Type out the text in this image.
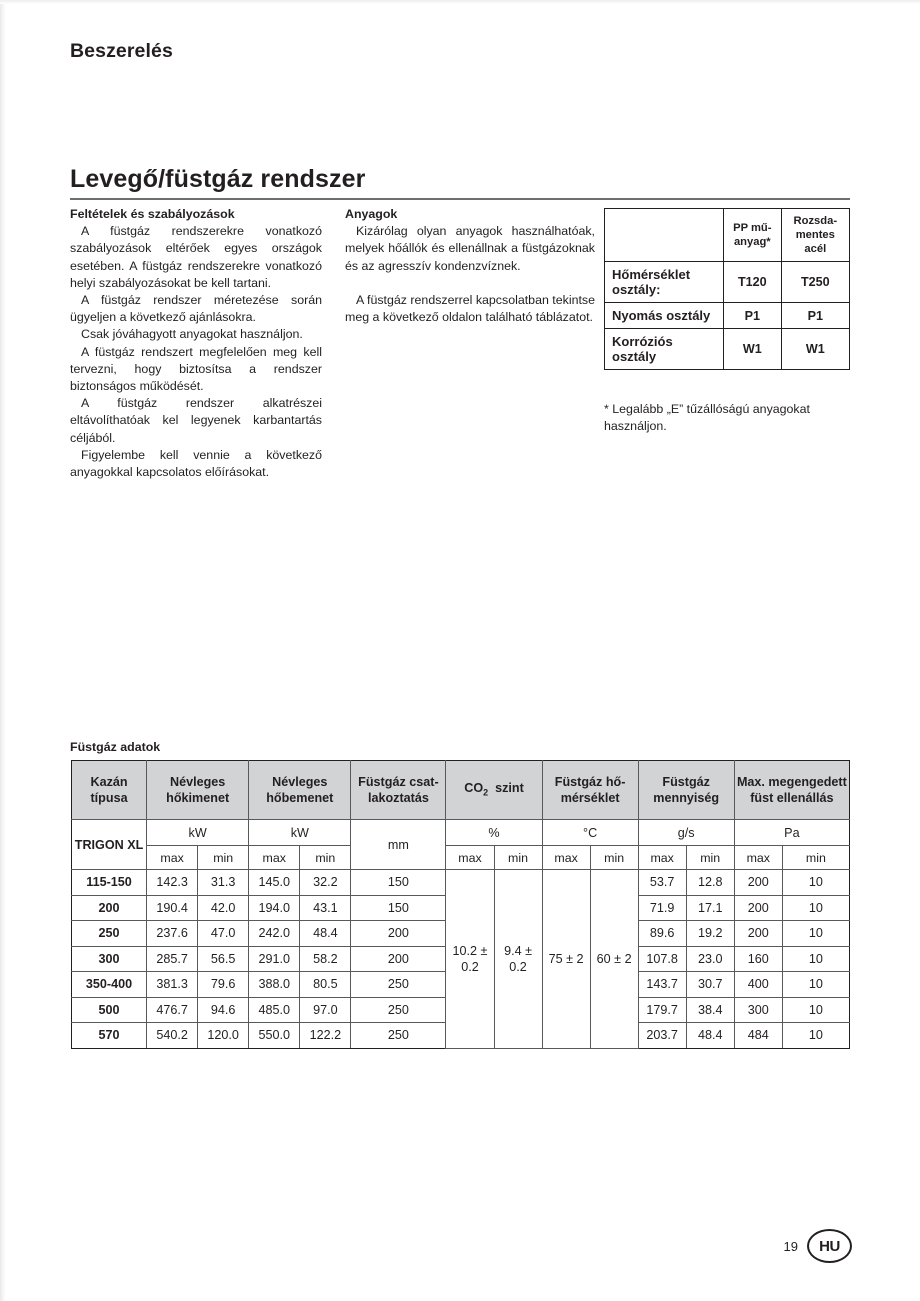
Beszerelés
Levegő/füstgáz rendszer
Feltételek és szabályozások

A füstgáz rendszerekre vonatkozó szabályozások eltérőek egyes országok esetében. A füstgáz rendszerekre vonatkozó helyi szabályozásokat be kell tartani.

A füstgáz rendszer méretezése során ügyeljen a következő ajánlásokra.

Csak jóváhagyott anyagokat használjon.

A füstgáz rendszert megfelelően meg kell tervezni, hogy biztosítsa a rendszer biztonságos működését.

A füstgáz rendszer alkatrészei eltávolíthatóak kel legyenek karbantartás céljából.

Figyelembe kell vennie a következő anyagokkal kapcsolatos előírásokat.

Anyagok

Kizárólag olyan anyagok használhatóak, melyek hőállók és ellenállnak a füstgázoknak és az agresszív kondenzvíznek.

A füstgáz rendszerrel kapcsolatban tekintse meg a következő oldalon található táblázatot.

	PP mű-anyag*	Rozsda-mentes acél
Hőmérséklet osztály:	T120	T250
Nyomás osztály	P1	P1
Korróziós osztály	W1	W1
* Legalább „E” tűzállóságú anyagokat használjon.
Füstgáz adatok
Kazán típusa	Névleges hőkimenet		Névleges hőbemenet		Füstgáz csat-lakoztatás	$CO_2$  szint		Füstgáz hő-mérséklet		Füstgáz mennyiség		Max. megengedett füst ellenállás	
TRIGON XL	kW		kW		mm	%		°C		g/s		Pa	
	max	min	max	min		max	min	max	min	max	min	max	min
115-150	142.3	31.3	145.0	32.2	150	10.2 ± 0.2	9.4 ± 0.2	75 ± 2	60 ± 2	53.7	12.8	200	10
200	190.4	42.0	194.0	43.1	150					71.9	17.1	200	10
250	237.6	47.0	242.0	48.4	200					89.6	19.2	200	10
300	285.7	56.5	291.0	58.2	200					107.8	23.0	160	10
350-400	381.3	79.6	388.0	80.5	250					143.7	30.7	400	10
500	476.7	94.6	485.0	97.0	250					179.7	38.4	300	10
570	540.2	120.0	550.0	122.2	250					203.7	48.4	484	10
19	HU
